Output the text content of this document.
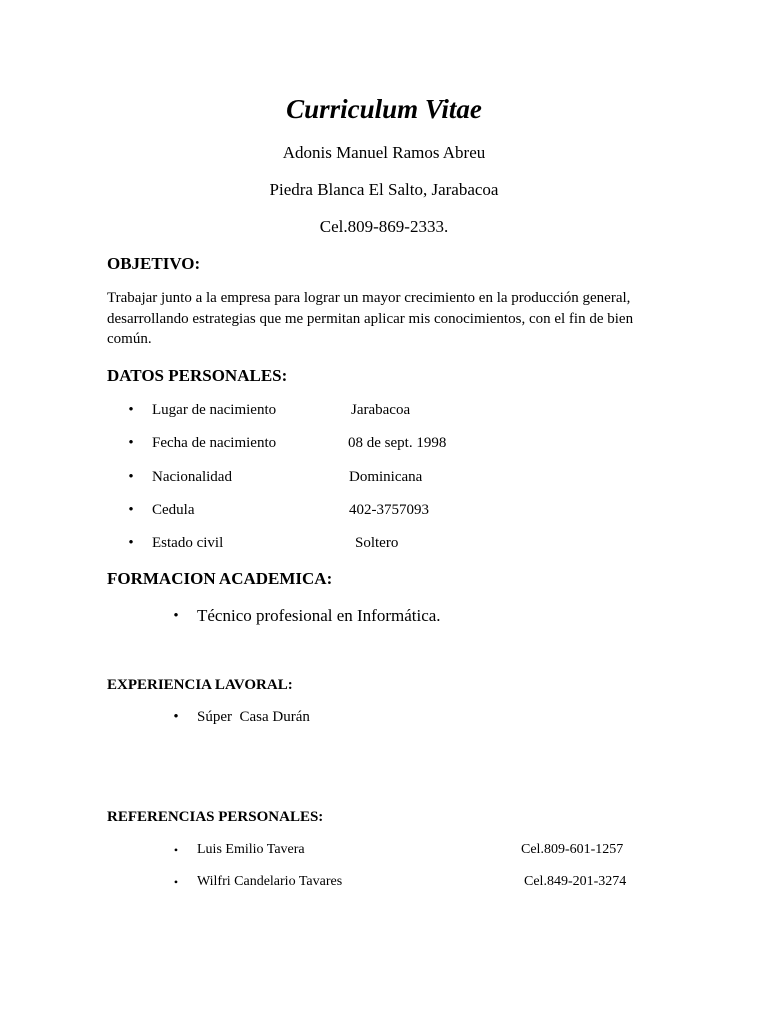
Curriculum Vitae
Adonis Manuel Ramos Abreu
Piedra Blanca El Salto, Jarabacoa
Cel.809-869-2333.
OBJETIVO:
Trabajar junto a la empresa para lograr un mayor crecimiento en la producción general, desarrollando estrategias que me permitan aplicar mis conocimientos, con el fin de bien común.
DATOS PERSONALES:
• Lugar de nacimiento	Jarabacoa
• Fecha de nacimiento	08 de sept. 1998
• Nacionalidad	Dominicana
• Cedula	402-3757093
• Estado civil	Soltero
FORMACION ACADEMICA:
• Técnico profesional en Informática.
EXPERIENCIA LAVORAL:
• Súper  Casa Durán
REFERENCIAS PERSONALES:
• Luis Emilio Tavera	Cel.809-601-1257
• Wilfri Candelario Tavares	Cel.849-201-3274
